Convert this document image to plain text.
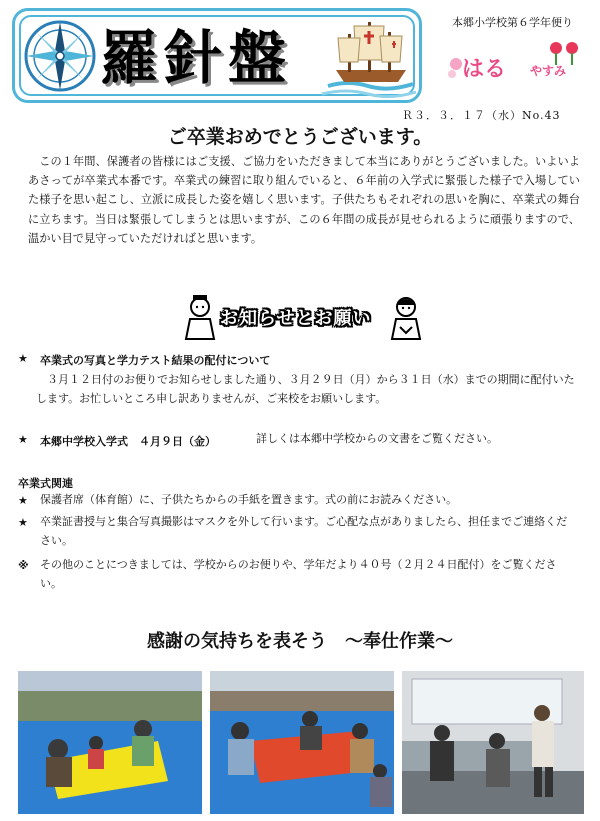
羅針盤
本郷小学校第６学年便り
はる やすみ
Ｒ３．３．１７（水）No.43
ご卒業おめでとうございます。

この１年間、保護者の皆様にはご支援、ご協力をいただきまして本当にありがとうございました。いよいよあさってが卒業式本番です。卒業式の練習に取り組んでいると、６年前の入学式に緊張した様子で入場していた様子を思い起こし、立派に成長した姿を嬉しく思います。子供たちもそれぞれの思いを胸に、卒業式の舞台に立ちます。当日は緊張してしまうとは思いますが、この６年間の成長が見せられるように頑張りますので、温かい目で見守っていただければと思います。

お知らせとお願い
★ 卒業式の写真と学力テスト結果の配付について
３月１２日付のお便りでお知らせしました通り、３月２９日（月）から３１日（水）までの期間に配付いたします。お忙しいところ申し訳ありませんが、ご来校をお願いします。
★ 本郷中学校入学式　４月９日（金）	詳しくは本郷中学校からの文書をご覧ください。
卒業式関連
★ 保護者席（体育館）に、子供たちからの手紙を置きます。式の前にお読みください。
★ 卒業証書授与と集合写真撮影はマスクを外して行います。ご心配な点がありましたら、担任までご連絡ください。
※ その他のことにつきましては、学校からのお便りや、学年だより４０号（２月２４日配付）をご覧ください。
感謝の気持ちを表そう　～奉仕作業～
